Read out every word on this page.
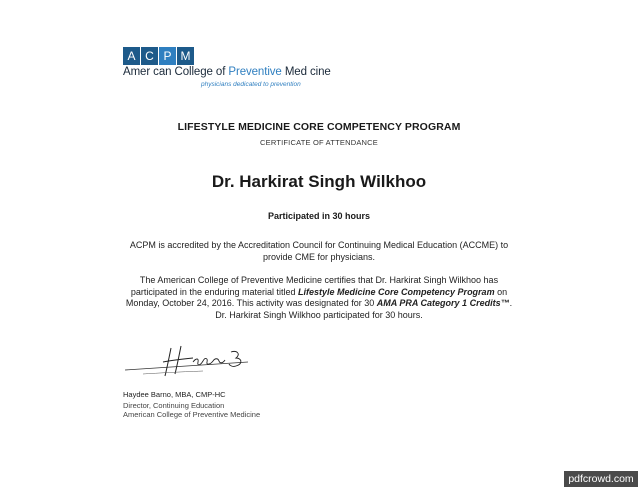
A C P M
Amer can College of Preventive Med cine
physicians dedicated to prevention
LIFESTYLE MEDICINE CORE COMPETENCY PROGRAM
CERTIFICATE OF ATTENDANCE
Dr. Harkirat Singh Wilkhoo
Participated in 30 hours
ACPM is accredited by the Accreditation Council for Continuing Medical Education (ACCME) to provide CME for physicians.
The American College of Preventive Medicine certifies that Dr. Harkirat Singh Wilkhoo has participated in the enduring material titled Lifestyle Medicine Core Competency Program on Monday, October 24, 2016. This activity was designated for 30 AMA PRA Category 1 Credits™. Dr. Harkirat Singh Wilkhoo participated for 30 hours.
Haydee Barno, MBA, CMP-HC
Director, Continuing Education
American College of Preventive Medicine
pdfcrowd.com
